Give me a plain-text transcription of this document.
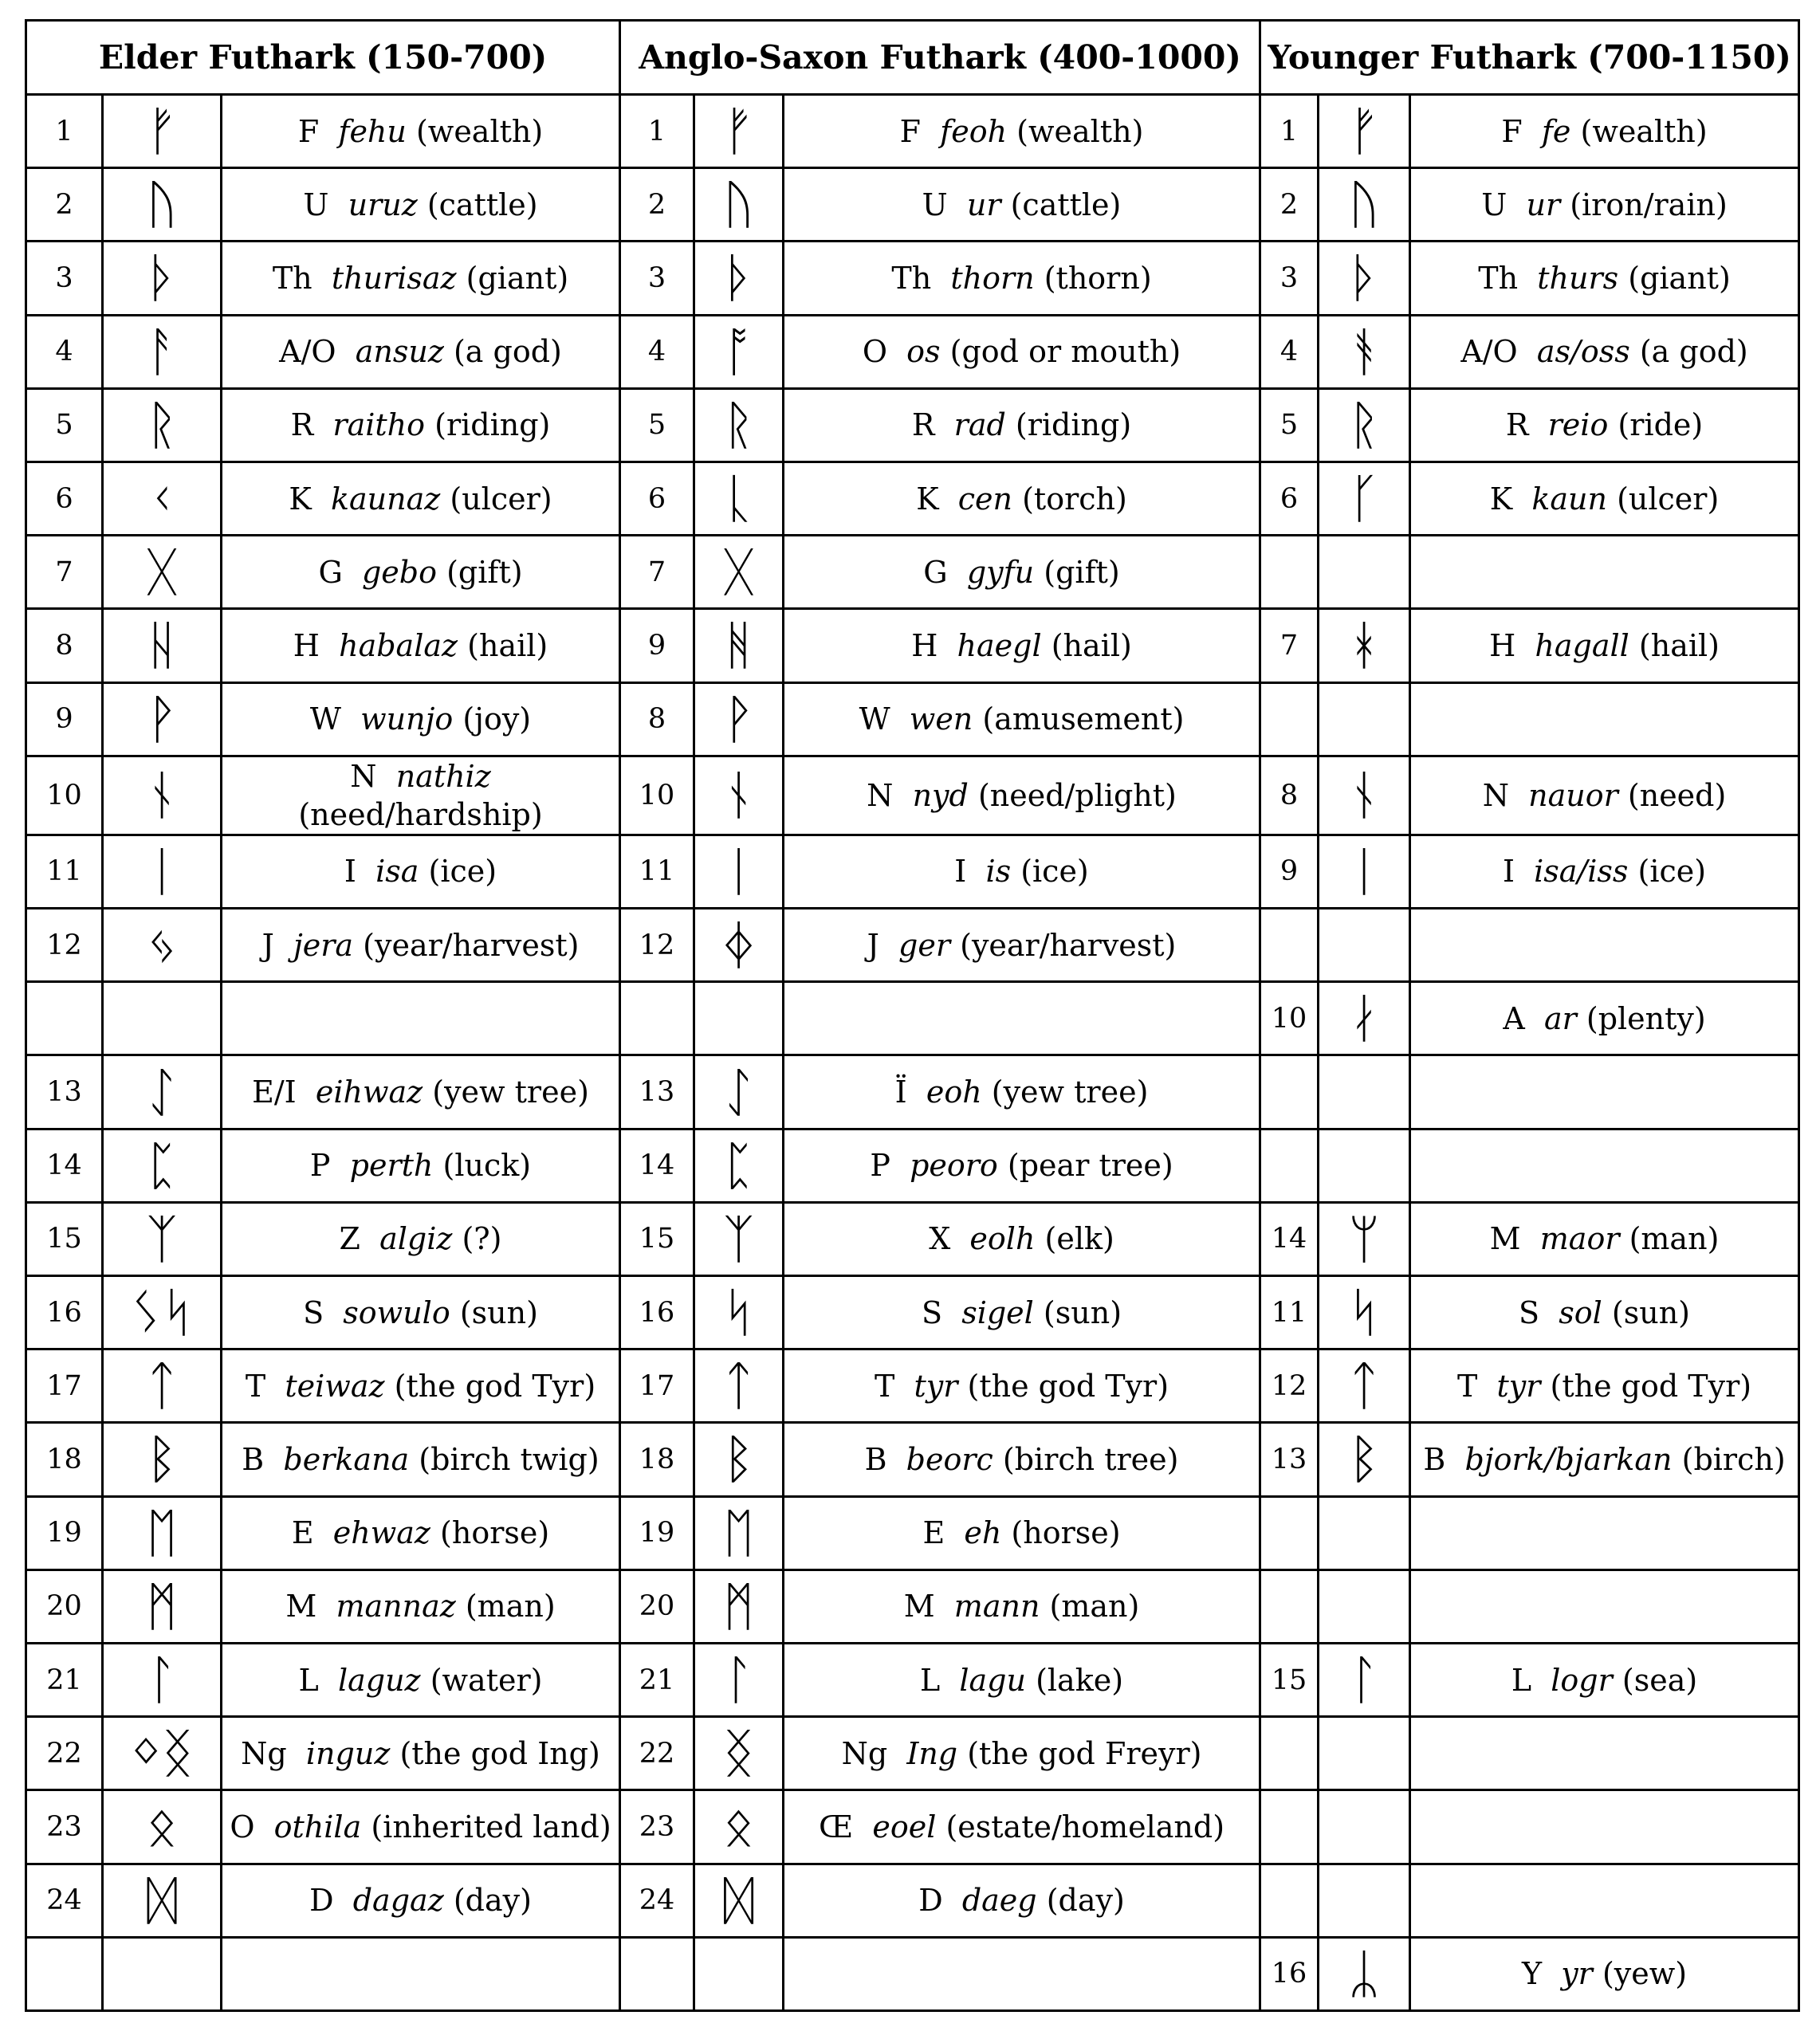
Elder Futhark (150-700)			Anglo-Saxon Futhark (400-1000)			Younger Futhark (700-1150)		
1	ᚠ	F fehu (wealth)	1	ᚠ	F feoh (wealth)	1	ᚠ	F fe (wealth)
2	ᚢ	U uruz (cattle)	2	ᚢ	U ur (cattle)	2	ᚢ	U ur (iron/rain)
3	ᚦ	Th thurisaz (giant)	3	ᚦ	Th thorn (thorn)	3	ᚦ	Th thurs (giant)
4	ᚨ	A/O ansuz (a god)	4	ᚩ	O os (god or mouth)	4	ᚬ	A/O as/oss (a god)
5	ᚱ	R raitho (riding)	5	ᚱ	R rad (riding)	5	ᚱ	R reio (ride)
6	ᚲ	K kaunaz (ulcer)	6	ᚳ	K cen (torch)	6	ᚴ	K kaun (ulcer)
7	ᚷ	G gebo (gift)	7	ᚷ	G gyfu (gift)			
8	ᚺ	H habalaz (hail)	9	ᚻ	H haegl (hail)	7	ᚼ	H hagall (hail)
9	ᚹ	W wunjo (joy)	8	ᚹ	W wen (amusement)			
10	ᚾ	N nathiz (need/hardship)	10	ᚾ	N nyd (need/plight)	8	ᚾ	N nauor (need)
11	ᛁ	I isa (ice)	11	ᛁ	I is (ice)	9	ᛁ	I isa/iss (ice)
12	ᛃ	J jera (year/harvest)	12	ᛄ	J ger (year/harvest)			
						10	ᛅ	A ar (plenty)
13	ᛇ	E/I eihwaz (yew tree)	13	ᛇ	Ï eoh (yew tree)			
14	ᛈ	P perth (luck)	14	ᛈ	P peoro (pear tree)			
15	ᛉ	Z algiz (?)	15	ᛉ	X eolh (elk)	14	ᛘ	M maor (man)
16	ᛊᛋ	S sowulo (sun)	16	ᛋ	S sigel (sun)	11	ᛋ	S sol (sun)
17	ᛏ	T teiwaz (the god Tyr)	17	ᛏ	T tyr (the god Tyr)	12	ᛏ	T tyr (the god Tyr)
18	ᛒ	B berkana (birch twig)	18	ᛒ	B beorc (birch tree)	13	ᛒ	B bjork/bjarkan (birch)
19	ᛖ	E ehwaz (horse)	19	ᛖ	E eh (horse)			
20	ᛗ	M mannaz (man)	20	ᛗ	M mann (man)			
21	ᛚ	L laguz (water)	21	ᛚ	L lagu (lake)	15	ᛚ	L logr (sea)
22	ᛜᛝ	Ng inguz (the god Ing)	22	ᛝ	Ng Ing (the god Freyr)			
23	ᛟ	O othila (inherited land)	23	ᛟ	Œ eoel (estate/homeland)			
24	ᛞ	D dagaz (day)	24	ᛞ	D daeg (day)			
						16	ᛦ	Y yr (yew)
